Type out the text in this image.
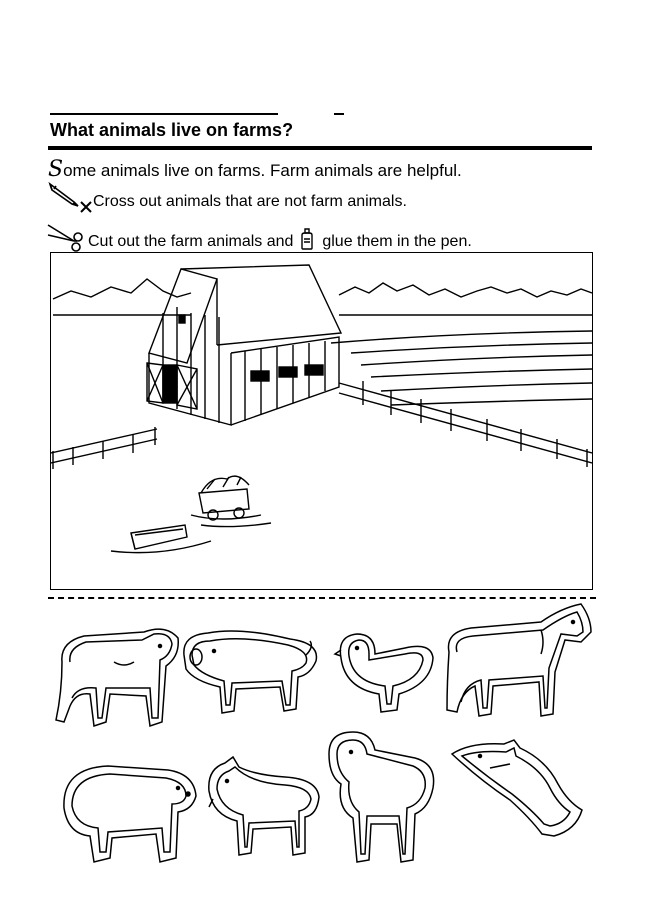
What animals live on farms?
Some animals live on farms. Farm animals are helpful.
Cross out animals that are not farm animals.
Cut out the farm animals and glue them in the pen.
